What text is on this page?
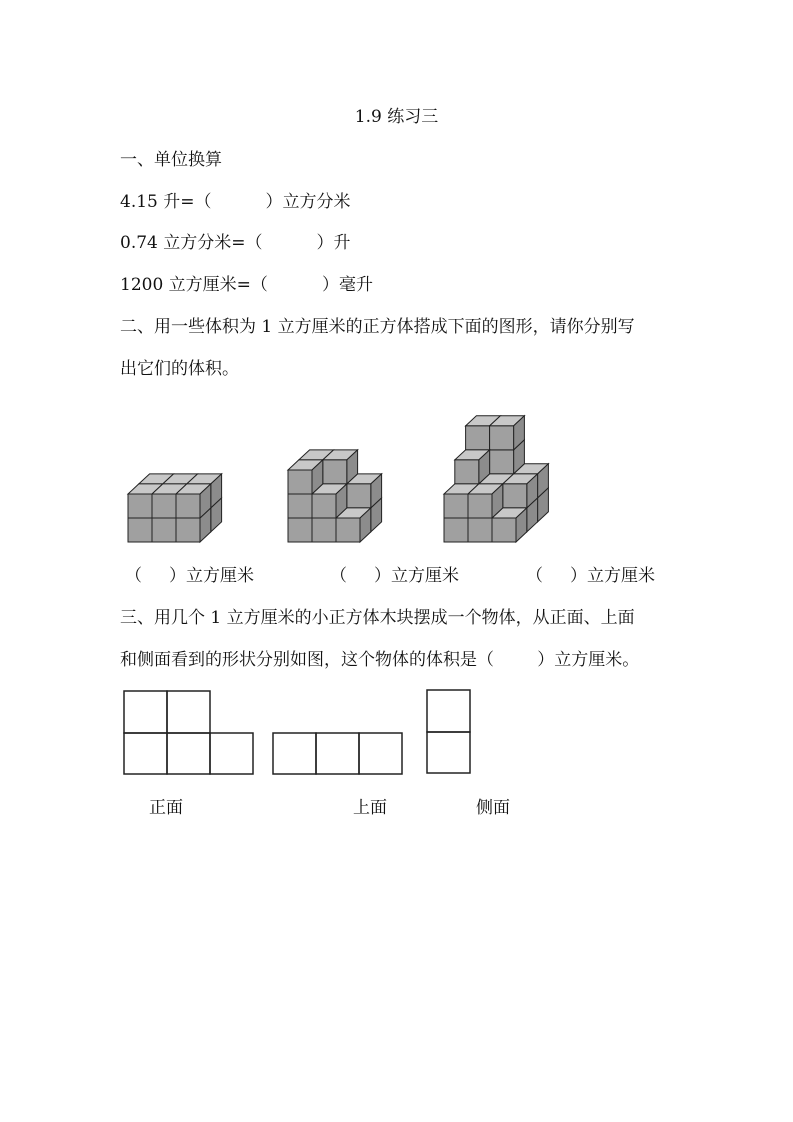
1.9 练习三
一、单位换算
4.15 升=（          ）立方分米
0.74 立方分米=（          ）升
1200 立方厘米=（          ）毫升
二、用一些体积为 1 立方厘米的正方体搭成下面的图形，请你分别写
出它们的体积。
（     ）立方厘米	（     ）立方厘米	（     ）立方厘米
三、用几个 1 立方厘米的小正方体木块摆成一个物体，从正面、上面
和侧面看到的形状分别如图，这个物体的体积是（        ）立方厘米。
正面	上面	侧面
